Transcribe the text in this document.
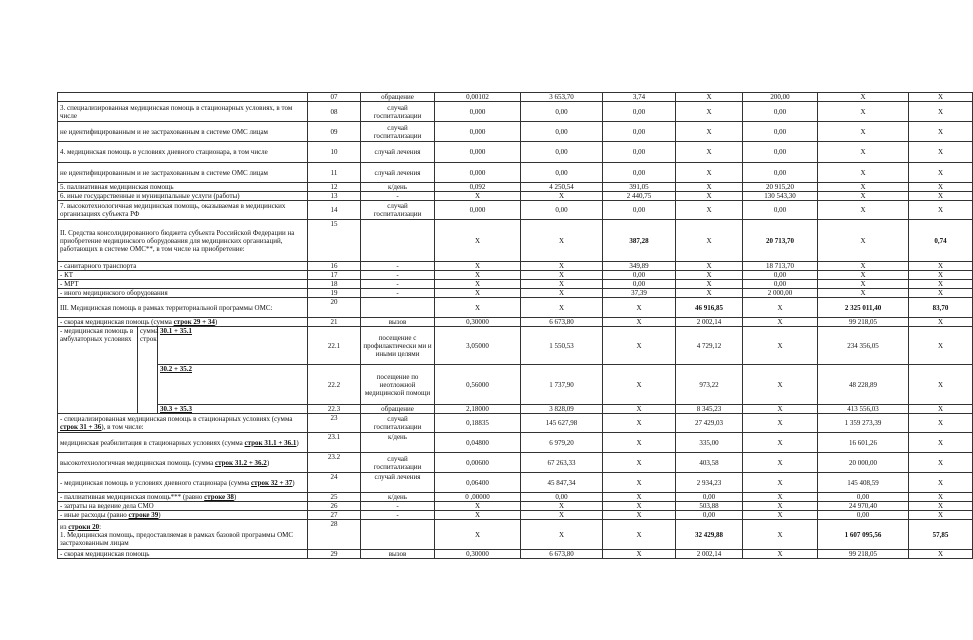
			07	обращение	0,00102	3 653,70	3,74	X	200,00	X	X
3. специализированная медицинская помощь в стационарных условиях, в том числе			08	случай госпитализации	0,000	0,00	0,00	X	0,00	X	X
не идентифицированным и не застрахованным в системе ОМС лицам			09	случай госпитализации	0,000	0,00	0,00	X	0,00	X	X
4. медицинская помощь в условиях дневного стационара, в том числе			10	случай лечения	0,000	0,00	0,00	X	0,00	X	X
не идентифицированным и не застрахованным в системе ОМС лицам			11	случай лечения	0,000	0,00	0,00	X	0,00	X	X
5. паллиативная медицинская помощь			12	к/день	0,092	4 250,54	391,05	X	20 915,20	X	X
6. иные государственные и муниципальные услуги (работы)			13	-	X	X	2 440,75	X	130 543,30	X	X
7. высокотехнологичная медицинская помощь, оказываемая в медицинских организациях субъекта РФ			14	случай госпитализации	0,000	0,00	0,00	X	0,00	X	X
II. Средства консолидированного бюджета субъекта Российской Федерации на приобретение медицинского оборудования для медицинских организаций, работающих в системе ОМС**, в том числе на приобретение:			15		X	X	387,28	X	20 713,70	X	0,74
- санитарного транспорта			16	-	X	X	349,89	X	18 713,70	X	X
- КТ			17	-	X	X	0,00	X	0,00	X	X
- МРТ			18	-	X	X	0,00	X	0,00	X	X
- иного медицинского оборудования			19	-	X	X	37,39	X	2 000,00	X	X
III. Медицинская помощь в рамках территориальной программы ОМС:			20		X	X	X	46 916,85	X	2 325 011,40	83,70
- скорая медицинская помощь (сумма строк 29 + 34)			21	вызов	0,30000	6 673,80	X	2 002,14	X	99 218,05	X
- медицинская помощь в амбулаторных условиях	сумма строк	30.1 + 35.1	22.1	посещение с профилактически ми и иными целями	3,05000	1 550,53	X	4 729,12	X	234 356,05	X
		30.2 + 35.2	22.2	посещение по неотложной медицинской помощи	0,56000	1 737,90	X	973,22	X	48 228,89	X
		30.3 + 35.3	22.3	обращение	2,18000	3 828,09	X	8 345,23	X	413 556,03	X
- специализированная медицинская помощь в стационарных условиях (сумма строк 31 + 36), в том числе:			23	случай госпитализации	0,18835	145 627,98	X	27 429,03	X	1 359 273,39	X
медицинская реабилитация в стационарных условиях (сумма строк 31.1 + 36.1)			23.1	к/день	0,04800	6 979,20	X	335,00	X	16 601,26	X
высокотехнологичная медицинская помощь (сумма строк 31.2 + 36.2)			23.2	случай госпитализации	0,00600	67 263,33	X	403,58	X	20 000,00	X
- медицинская помощь в условиях дневного стационара (сумма строк 32 + 37)			24	случай лечения	0,06400	45 847,34	X	2 934,23	X	145 408,59	X
- паллиативная медицинская помощь*** (равно строке 38)			25	к/день	0 ,00000	0,00	X	0,00	X	0,00	X
- затраты на ведение дела СМО			26	-	X	X	X	503,88	X	24 970,40	X
- иные расходы (равно строке 39)			27	-	X	X	X	0,00	X	0,00	X
из строки 20:
1. Медицинская помощь, предоставляемая в рамках базовой программы ОМС застрахованным лицам			28		X	X	X	32 429,88	X	1 607 095,56	57,85
- скорая медицинская помощь			29	вызов	0,30000	6 673,80	X	2 002,14	X	99 218,05	X
